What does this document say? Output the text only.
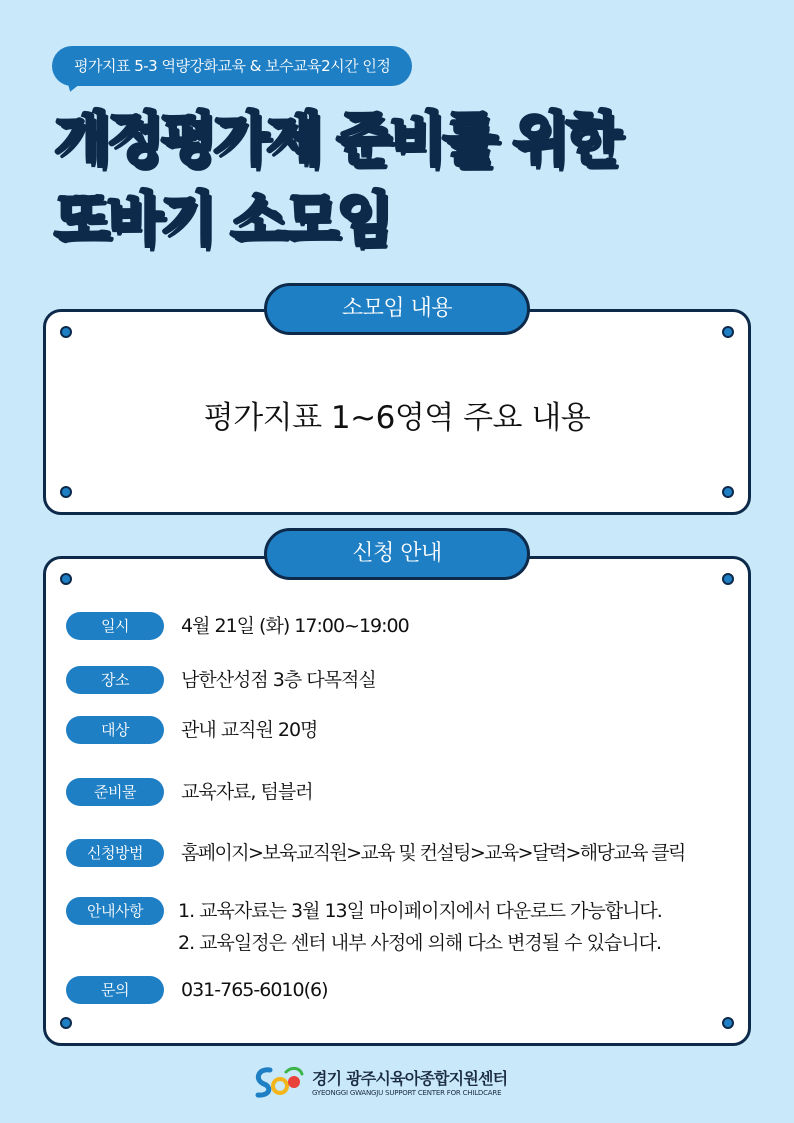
평가지표 5-3 역량강화교육 & 보수교육2시간 인정
개정평가제 준비를 위한
또바기 소모임
평가지표 1~6영역 주요 내용
소모임 내용
일시	4월 21일 (화) 17:00~19:00
장소	남한산성점 3층 다목적실
대상	관내 교직원 20명
준비물	교육자료, 텀블러
신청방법	홈페이지>보육교직원>교육 및 컨설팅>교육>달력>해당교육 클릭
안내사항	1. 교육자료는 3월 13일 마이페이지에서 다운로드 가능합니다.
2. 교육일정은 센터 내부 사정에 의해 다소 변경될 수 있습니다.
문의	031-765-6010(6)
신청 안내
경기 광주시육아종합지원센터
GYEONGGI GWANGJU SUPPORT CENTER FOR CHILDCARE
